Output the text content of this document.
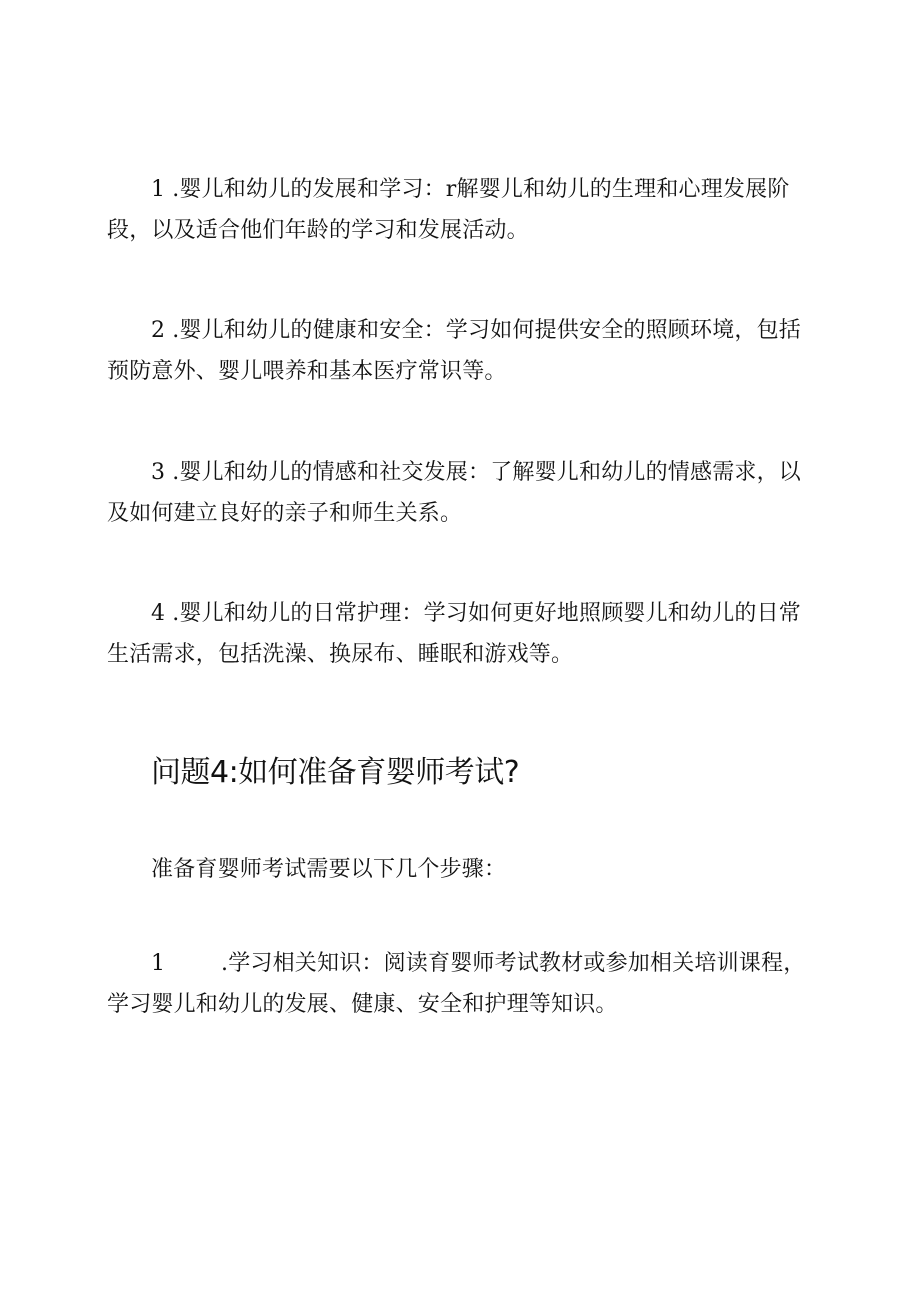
1 .婴儿和幼儿的发展和学习：r解婴儿和幼儿的生理和心理发展阶段，以及适合他们年龄的学习和发展活动。

2 .婴儿和幼儿的健康和安全：学习如何提供安全的照顾环境，包括预防意外、婴儿喂养和基本医疗常识等。

3 .婴儿和幼儿的情感和社交发展：了解婴儿和幼儿的情感需求，以及如何建立良好的亲子和师生关系。

4 .婴儿和幼儿的日常护理：学习如何更好地照顾婴儿和幼儿的日常生活需求，包括洗澡、换尿布、睡眠和游戏等。

问题4:如何准备育婴师考试?

准备育婴师考试需要以下几个步骤：

1	.学习相关知识：阅读育婴师考试教材或参加相关培训课程，学习婴儿和幼儿的发展、健康、安全和护理等知识。
